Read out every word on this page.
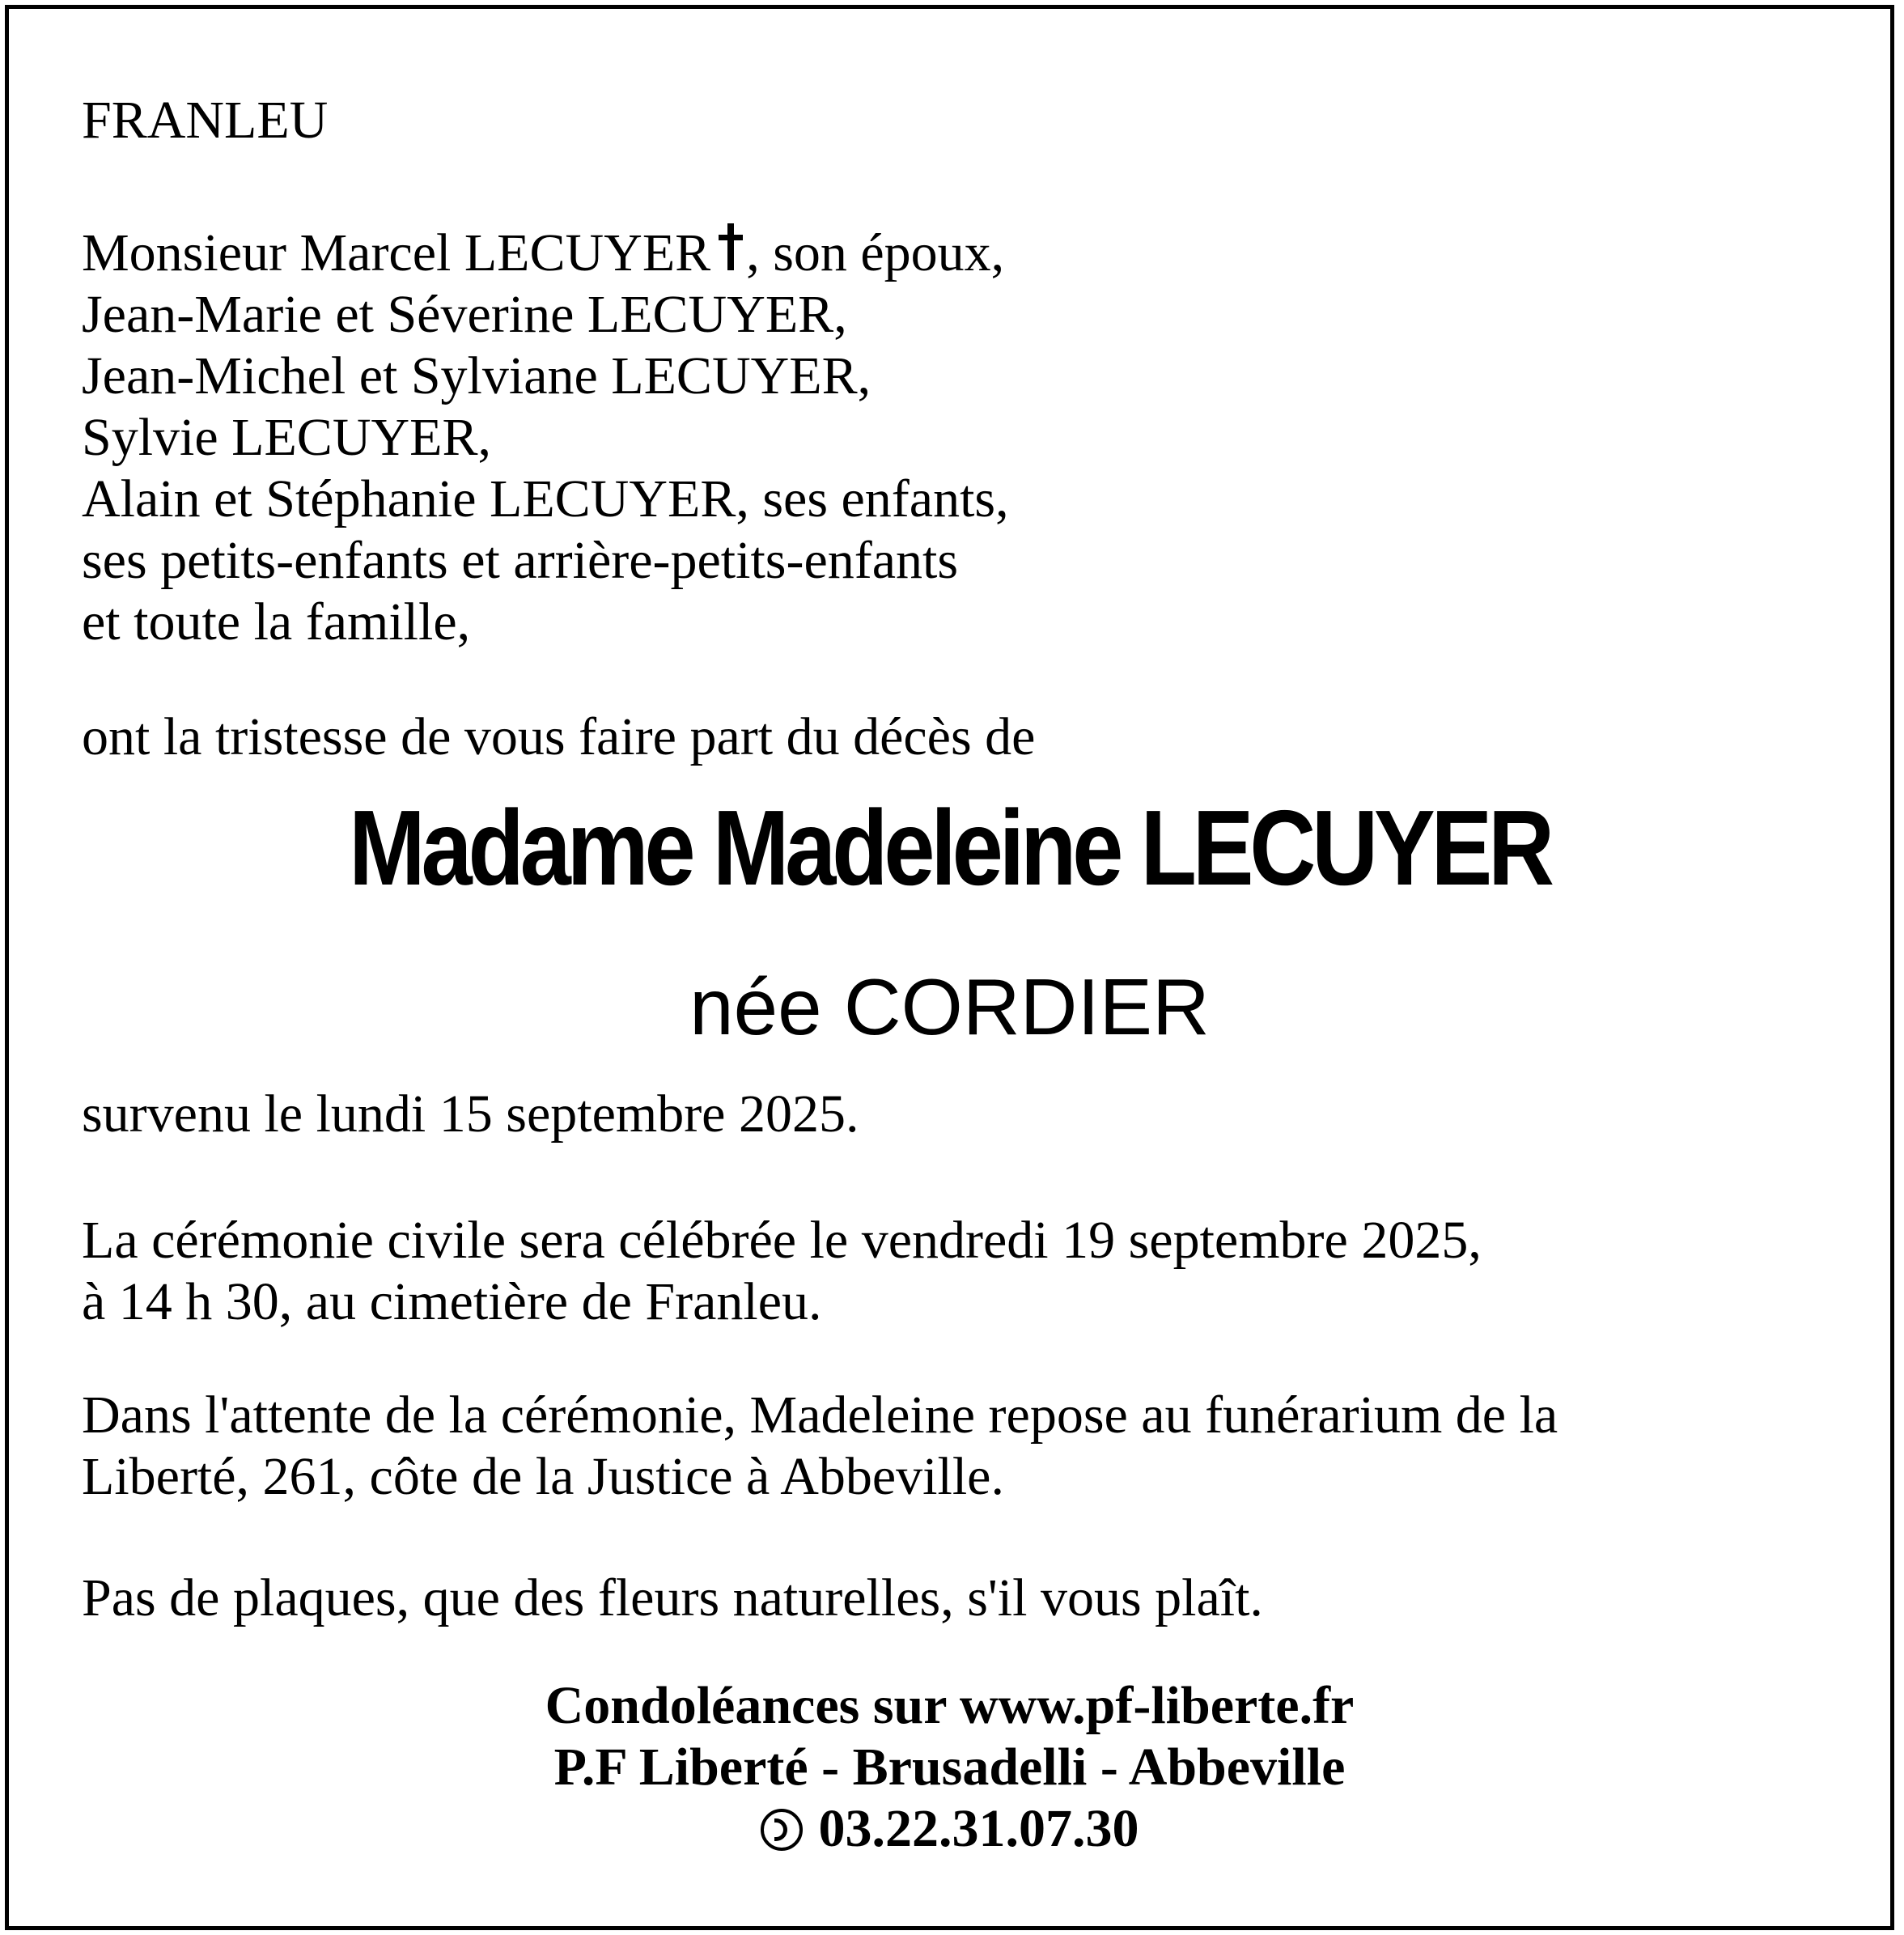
FRANLEU

Monsieur Marcel LECUYER , son époux,

Jean-Marie et Séverine LECUYER,

Jean-Michel et Sylviane LECUYER,

Sylvie LECUYER,

Alain et Stéphanie LECUYER, ses enfants,

ses petits-enfants et arrière-petits-enfants

et toute la famille,

ont la tristesse de vous faire part du décès de

Madame Madeleine LECUYER

née CORDIER

survenu le lundi 15 septembre 2025.

La cérémonie civile sera célébrée le vendredi 19 septembre 2025,

à 14 h 30, au cimetière de Franleu.

Dans l'attente de la cérémonie, Madeleine repose au funérarium de la

Liberté, 261, côte de la Justice à Abbeville.

Pas de plaques, que des fleurs naturelles, s'il vous plaît.

Condoléances sur www.pf-liberte.fr

P.F Liberté - Brusadelli - Abbeville

03.22.31.07.30
